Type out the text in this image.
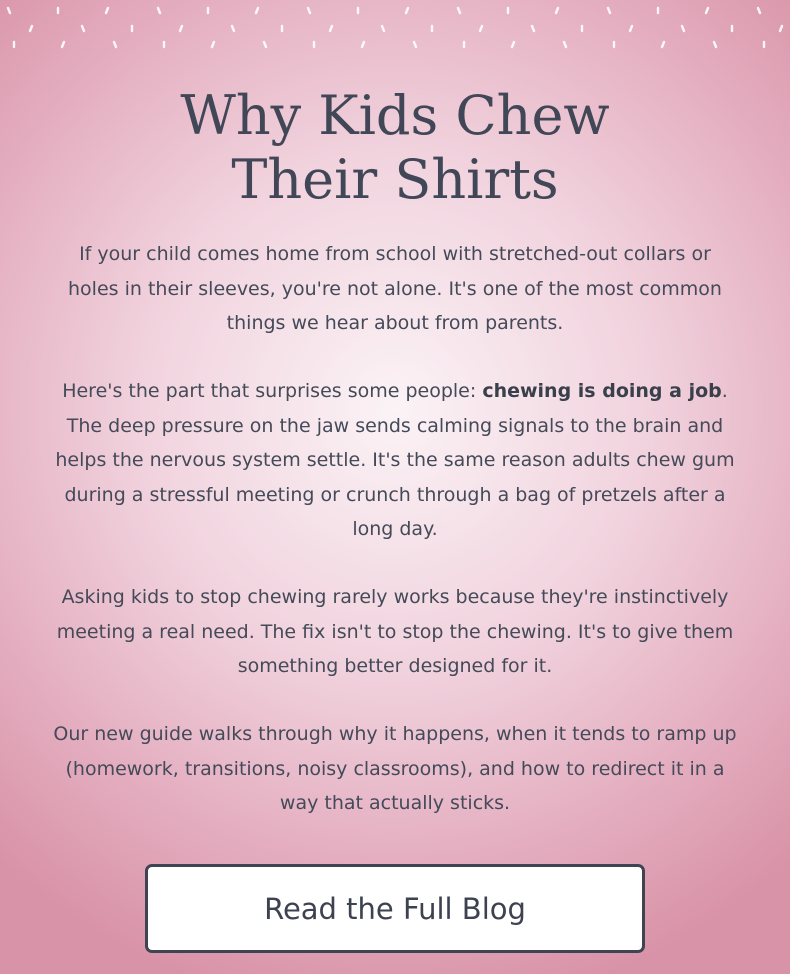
Why Kids Chew
Their Shirts

If your child comes home from school with stretched-out collars or holes in their sleeves, you're not alone. It's one of the most common things we hear about from parents.

Here's the part that surprises some people: chewing is doing a job. The deep pressure on the jaw sends calming signals to the brain and helps the nervous system settle. It's the same reason adults chew gum during a stressful meeting or crunch through a bag of pretzels after a long day.

Asking kids to stop chewing rarely works because they're instinctively meeting a real need. The fix isn't to stop the chewing. It's to give them something better designed for it.

Our new guide walks through why it happens, when it tends to ramp up (homework, transitions, noisy classrooms), and how to redirect it in a way that actually sticks.

Read the Full Blog
